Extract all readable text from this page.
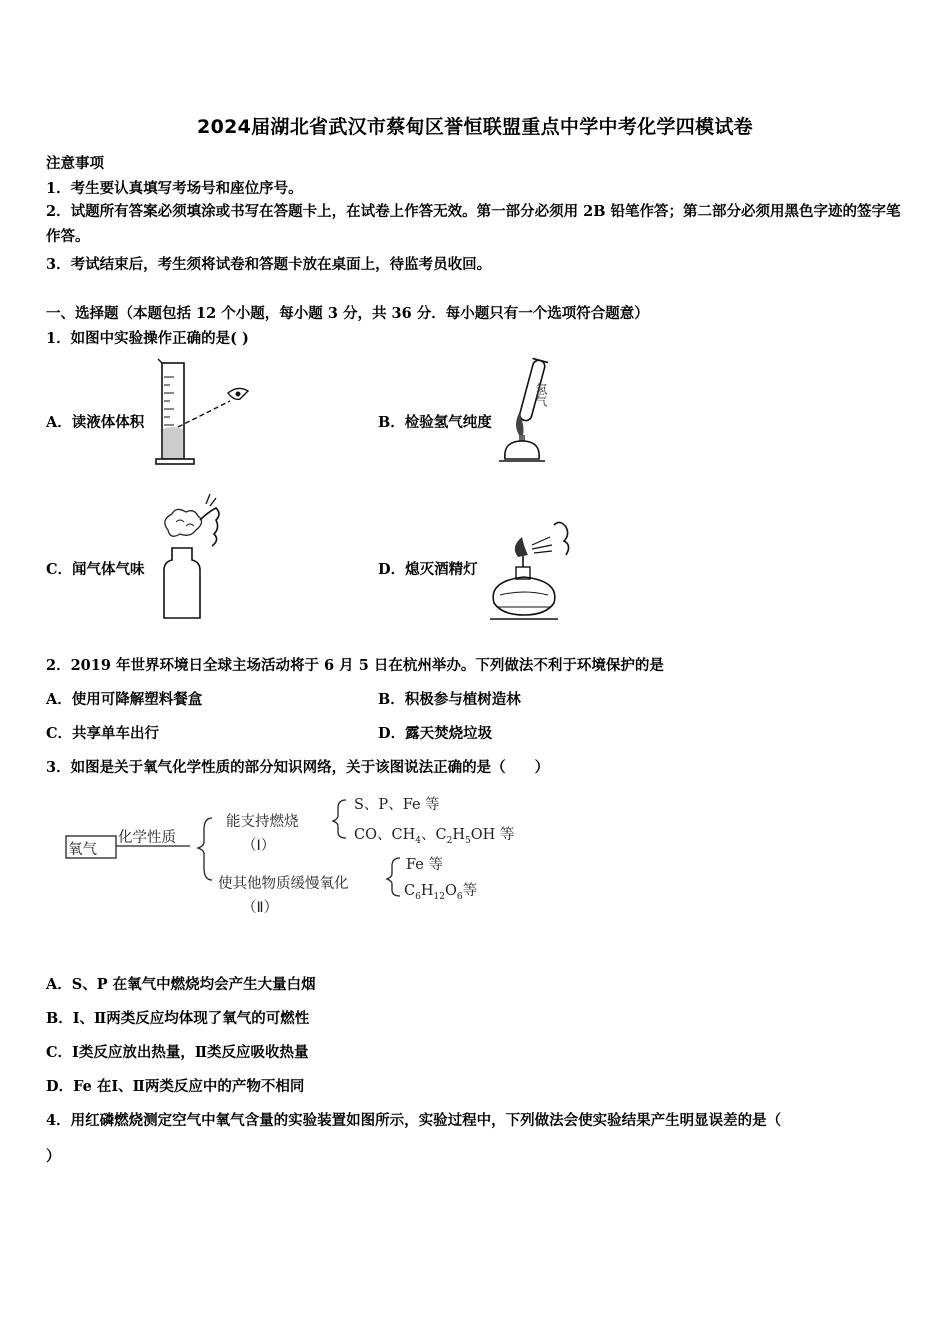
2024届湖北省武汉市蔡甸区誉恒联盟重点中学中考化学四模试卷
注意事项
1．考生要认真填写考场号和座位序号。
2．试题所有答案必须填涂或书写在答题卡上，在试卷上作答无效。第一部分必须用 2B 铅笔作答；第二部分必须用黑色字迹的签字笔作答。
3．考试结束后，考生须将试卷和答题卡放在桌面上，待监考员收回。
一、选择题（本题包括 12 个小题，每小题 3 分，共 36 分．每小题只有一个选项符合题意）
1．如图中实验操作正确的是( )
A．读液体体积
氢气
B．检验氢气纯度
C．闻气体气味	D．熄灭酒精灯
2．2019 年世界环境日全球主场活动将于 6 月 5 日在杭州举办。下列做法不利于环境保护的是
A．使用可降解塑料餐盒	B．积极参与植树造林
C．共享单车出行	D．露天焚烧垃圾
3．如图是关于氧气化学性质的部分知识网络，关于该图说法正确的是（　　）
氧气
化学性质
能支持燃烧
（Ⅰ）
S、P、Fe 等
CO、$CH_4$、$C_2H_5OH$ 等
使其他物质缓慢氧化
（Ⅱ）
Fe 等
$C_6H_{12}O_6$等
A．S、P 在氧气中燃烧均会产生大量白烟
B．Ⅰ、Ⅱ两类反应均体现了氧气的可燃性
C．Ⅰ类反应放出热量，Ⅱ类反应吸收热量
D．Fe 在Ⅰ、Ⅱ两类反应中的产物不相同
4．用红磷燃烧测定空气中氧气含量的实验装置如图所示，实验过程中，下列做法会使实验结果产生明显误差的是（
）
